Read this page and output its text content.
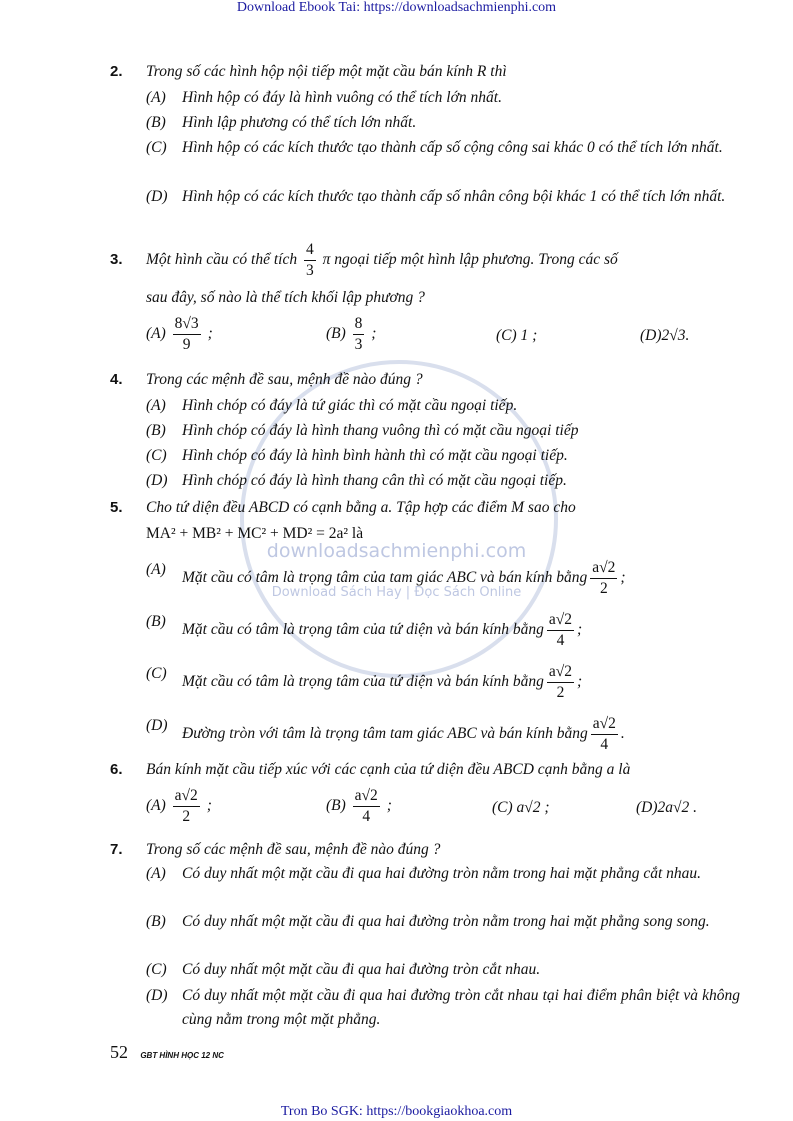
Download Ebook Tai: https://downloadsachmienphi.com
downloadsachmienphi.com
Download Sách Hay | Đọc Sách Online
2. Trong số các hình hộp nội tiếp một mặt cầu bán kính R thì
(A) Hình hộp có đáy là hình vuông có thể tích lớn nhất.
(B) Hình lập phương có thể tích lớn nhất.
(C) Hình hộp có các kích thước tạo thành cấp số cộng công sai khác 0 có thể tích lớn nhất.
(D) Hình hộp có các kích thước tạo thành cấp số nhân công bội khác 1 có thể tích lớn nhất.
3. Một hình cầu có thể tích $\frac{4}{3}$ π ngoại tiếp một hình lập phương. Trong các số
sau đây, số nào là thể tích khối lập phương ?
$(A) \frac{8√3}{9}$ ;	$(B) \frac{8}{3}$ ;	(C) 1 ;	(D)2√3.
4. Trong các mệnh đề sau, mệnh đề nào đúng ?
(A) Hình chóp có đáy là tứ giác thì có mặt cầu ngoại tiếp.
(B) Hình chóp có đáy là hình thang vuông thì có mặt cầu ngoại tiếp
(C) Hình chóp có đáy là hình bình hành thì có mặt cầu ngoại tiếp.
(D) Hình chóp có đáy là hình thang cân thì có mặt cầu ngoại tiếp.
5. Cho tứ diện đều ABCD có cạnh bằng a. Tập hợp các điểm M sao cho
MA² + MB² + MC² + MD² = 2a² là
(A) Mặt cầu có tâm là trọng tâm của tam giác ABC và bán kính bằng $\frac{a√2}{2}$ ;
(B) Mặt cầu có tâm là trọng tâm của tứ diện và bán kính bằng $\frac{a√2}{4}$ ;
(C) Mặt cầu có tâm là trọng tâm của tứ diện và bán kính bằng $\frac{a√2}{2}$ ;
(D) Đường tròn với tâm là trọng tâm tam giác ABC và bán kính bằng $\frac{a√2}{4}$ .
6. Bán kính mặt cầu tiếp xúc với các cạnh của tứ diện đều ABCD cạnh bằng a là
$(A) \frac{a√2}{2}$ ;	$(B) \frac{a√2}{4}$ ;	(C) a√2 ;	(D)2a√2 .
7. Trong số các mệnh đề sau, mệnh đề nào đúng ?
(A) Có duy nhất một mặt cầu đi qua hai đường tròn nằm trong hai mặt phẳng cắt nhau.
(B) Có duy nhất một mặt cầu đi qua hai đường tròn nằm trong hai mặt phẳng song song.
(C) Có duy nhất một mặt cầu đi qua hai đường tròn cắt nhau.
(D) Có duy nhất một mặt cầu đi qua hai đường tròn cắt nhau tại hai điểm phân biệt và không cùng nằm trong một mặt phẳng.
52 GBT HÌNH HỌC 12 NC
Tron Bo SGK: https://bookgiaokhoa.com
